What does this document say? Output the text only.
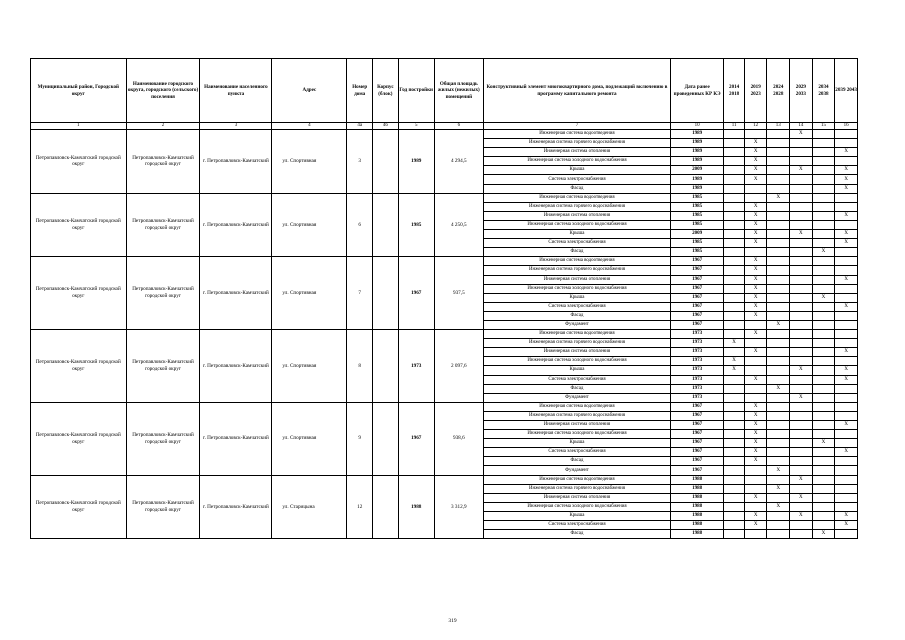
Муниципальный район, Городской округ	Наименование городского округа, городского (сельского) поселения	Наименование населенного пункта	Адрес	Номер дома	Корпус (блок)	Год постройки	Общая площадь жилых (нежилых) помещений	Конструктивный элемент многоквартирного дома, подлежащий включению в программу капитального ремонта	Дата ранее проведенных КР КЭ	2014 2018	2019 2023	2024 2028	2029 2033	2034 2038	2039 2043
1	2	3	4	4а	4б	5	6	7	10	11	12	13	14	15	16
Петропавловск-Камчатский городской округ	Петропавловск-Камчатский городской округ	г. Петропавловск-Камчатский	ул. Спортивная	3		1989	4 294,5	Инженерная система водоотведения	1989				X		
								Инженерная система горячего водоснабжения	1989		X				
								Инженерная система отопления	1989		X				X
								Инженерная система холодного водоснабжения	1989		X				
								Крыша	2009		X		X		X
								Система электроснабжения	1989		X				X
								Фасад	1989						X
Петропавловск-Камчатский городской округ	Петропавловск-Камчатский городской округ	г. Петропавловск-Камчатский	ул. Спортивная	6		1985	4 250,5	Инженерная система водоотведения	1985			X			
								Инженерная система горячего водоснабжения	1985		X				
								Инженерная система отопления	1985		X				X
								Инженерная система холодного водоснабжения	1985		X				
								Крыша	2009		X		X		X
								Система электроснабжения	1985		X				X
								Фасад	1985					X	
Петропавловск-Камчатский городской округ	Петропавловск-Камчатский городской округ	г. Петропавловск-Камчатский	ул. Спортивная	7		1967	937,5	Инженерная система водоотведения	1967		X				
								Инженерная система горячего водоснабжения	1967		X				
								Инженерная система отопления	1967		X				X
								Инженерная система холодного водоснабжения	1967		X				
								Крыша	1967		X			X	
								Система электроснабжения	1967		X				X
								Фасад	1967		X				
								Фундамент	1967			X			
Петропавловск-Камчатский городской округ	Петропавловск-Камчатский городской округ	г. Петропавловск-Камчатский	ул. Спортивная	8		1973	2 097,6	Инженерная система водоотведения	1973		X				
								Инженерная система горячего водоснабжения	1973	X					
								Инженерная система отопления	1973		X				X
								Инженерная система холодного водоснабжения	1973	X					
								Крыша	1973	X			X		X
								Система электроснабжения	1973		X				X
								Фасад	1973			X			
								Фундамент	1973				X		
Петропавловск-Камчатский городской округ	Петропавловск-Камчатский городской округ	г. Петропавловск-Камчатский	ул. Спортивная	9		1967	938,6	Инженерная система водоотведения	1967		X				
								Инженерная система горячего водоснабжения	1967		X				
								Инженерная система отопления	1967		X				X
								Инженерная система холодного водоснабжения	1967		X				
								Крыша	1967		X			X	
								Система электроснабжения	1967		X				X
								Фасад	1967		X				
								Фундамент	1967			X			
Петропавловск-Камчатский городской округ	Петропавловск-Камчатский городской округ	г. Петропавловск-Камчатский	ул. Старицына	12		1988	3 312,9	Инженерная система водоотведения	1988				X		
								Инженерная система горячего водоснабжения	1988			X			
								Инженерная система отопления	1988		X		X		
								Инженерная система холодного водоснабжения	1988			X			
								Крыша	1988		X		X		X
								Система электроснабжения	1988		X				X
								Фасад	1988					X	
319
